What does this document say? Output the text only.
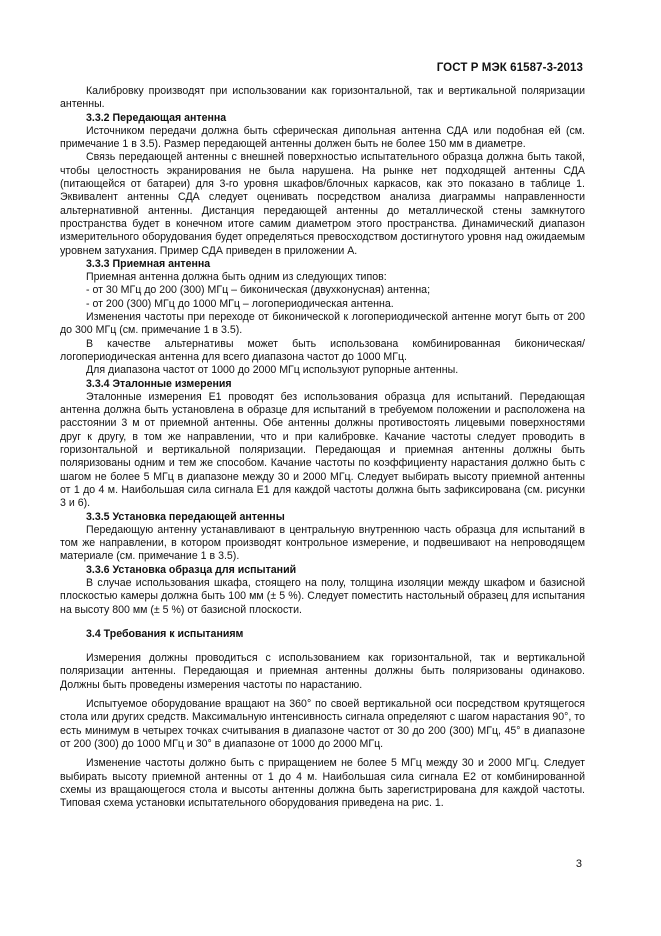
ГОСТ Р МЭК 61587-3-2013

Калибровку производят при использовании как горизонтальной, так и вертикальной поляризации антенны.

3.3.2 Передающая антенна

Источником передачи должна быть сферическая дипольная антенна СДА или подобная ей (см. примечание 1 в 3.5). Размер передающей антенны должен быть не более 150 мм в диаметре.

Связь передающей антенны с внешней поверхностью испытательного образца должна быть такой, чтобы целостность экранирования не была нарушена. На рынке нет подходящей антенны СДА (питающейся от батареи) для 3-го уровня шкафов/блочных каркасов, как это показано в таблице 1. Эквивалент антенны СДА следует оценивать посредством анализа диаграммы направленности альтернативной антенны. Дистанция передающей антенны до металлической стены замкнутого пространства будет в конечном итоге самим диаметром этого пространства. Динамический диапазон измерительного оборудования будет определяться превосходством достигнутого уровня над ожидаемым уровнем затухания. Пример СДА приведен в приложении А.

3.3.3 Приемная антенна

Приемная антенна должна быть одним из следующих типов:

- от 30 МГц до 200 (300) МГц – биконическая (двухконусная) антенна;

- от 200 (300) МГц до 1000 МГц – логопериодическая антенна.

Изменения частоты при переходе от биконической к логопериодической антенне могут быть от 200 до 300 МГц (см. примечание 1 в 3.5).

В качестве альтернативы может быть использована комбинированная биконическая/логопериодическая антенна для всего диапазона частот до 1000 МГц.

Для диапазона частот от 1000 до 2000 МГц используют рупорные антенны.

3.3.4 Эталонные измерения

Эталонные измерения E1 проводят без использования образца для испытаний. Передающая антенна должна быть установлена в образце для испытаний в требуемом положении и расположена на расстоянии 3 м от приемной антенны. Обе антенны должны противостоять лицевыми поверхностями друг к другу, в том же направлении, что и при калибровке. Качание частоты следует проводить в горизонтальной и вертикальной поляризации. Передающая и приемная антенны должны быть поляризованы одним и тем же способом. Качание частоты по коэффициенту нарастания должно быть с шагом не более 5 МГц в диапазоне между 30 и 2000 МГц. Следует выбирать высоту приемной антенны от 1 до 4 м. Наибольшая сила сигнала E1 для каждой частоты должна быть зафиксирована (см. рисунки 3 и 6).

3.3.5 Установка передающей антенны

Передающую антенну устанавливают в центральную внутреннюю часть образца для испытаний в том же направлении, в котором производят контрольное измерение, и подвешивают на непроводящем материале (см. примечание 1 в 3.5).

3.3.6 Установка образца для испытаний

В случае использования шкафа, стоящего на полу, толщина изоляции между шкафом и базисной плоскостью камеры должна быть 100 мм (± 5 %). Следует поместить настольный образец для испытания на высоту 800 мм (± 5 %) от базисной плоскости.

3.4 Требования к испытаниям

Измерения должны проводиться с использованием как горизонтальной, так и вертикальной поляризации антенны. Передающая и приемная антенны должны быть поляризованы одинаково. Должны быть проведены измерения частоты по нарастанию.

Испытуемое оборудование вращают на 360° по своей вертикальной оси посредством крутящегося стола или других средств. Максимальную интенсивность сигнала определяют с шагом нарастания 90°, то есть минимум в четырех точках считывания в диапазоне частот от 30 до 200 (300) МГц, 45° в диапазоне от 200 (300) до 1000 МГц и 30° в диапазоне от 1000 до 2000 МГц.

Изменение частоты должно быть с приращением не более 5 МГц между 30 и 2000 МГц. Следует выбирать высоту приемной антенны от 1 до 4 м. Наибольшая сила сигнала E2 от комбинированной схемы из вращающегося стола и высоты антенны должна быть зарегистрирована для каждой частоты. Типовая схема установки испытательного оборудования приведена на рис. 1.

3
